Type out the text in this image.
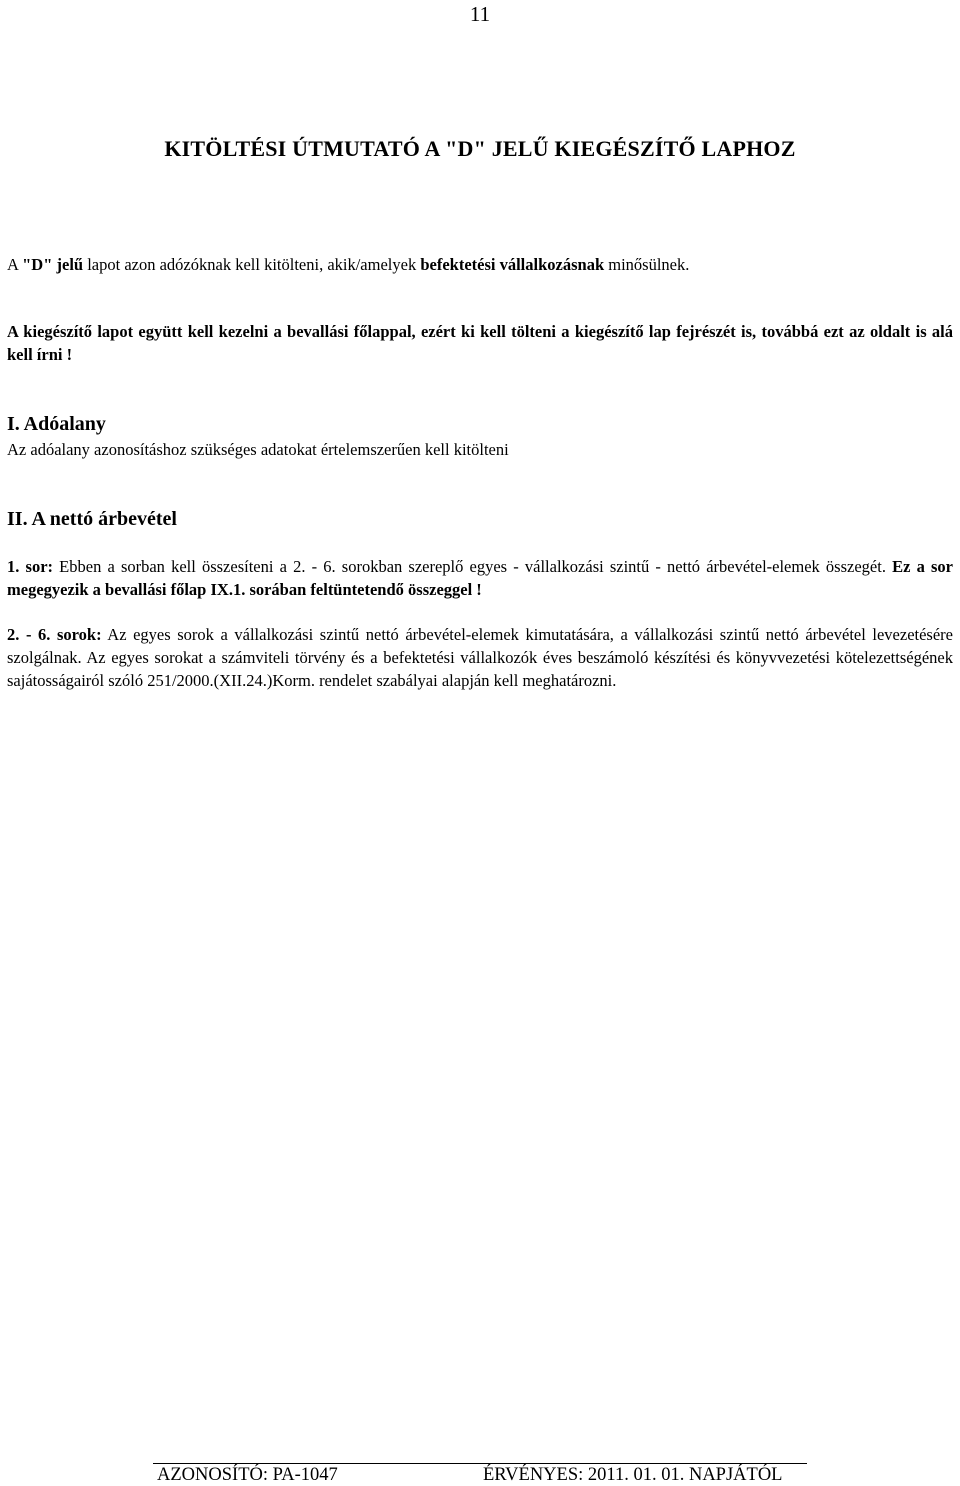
11
KITÖLTÉSI ÚTMUTATÓ A "D" JELŰ KIEGÉSZÍTŐ LAPHOZ
A "D" jelű lapot azon adózóknak kell kitölteni, akik/amelyek befektetési vállalkozásnak minősülnek.
A kiegészítő lapot együtt kell kezelni a bevallási főlappal, ezért ki kell tölteni a kiegészítő lap fejrészét is, továbbá ezt az oldalt is alá kell írni !
I. Adóalany
Az adóalany azonosításhoz szükséges adatokat értelemszerűen kell kitölteni
II. A nettó árbevétel
1. sor: Ebben a sorban kell összesíteni a 2. - 6. sorokban szereplő egyes - vállalkozási szintű - nettó árbevétel-elemek összegét. Ez a sor megegyezik a bevallási főlap IX.1. sorában feltüntetendő összeggel !
2. - 6. sorok: Az egyes sorok a vállalkozási szintű nettó árbevétel-elemek kimutatására, a vállalkozási szintű nettó árbevétel levezetésére szolgálnak. Az egyes sorokat a számviteli törvény és a befektetési vállalkozók éves beszámoló készítési és könyvvezetési kötelezettségének sajátosságairól szóló 251/2000.(XII.24.)Korm. rendelet szabályai alapján kell meghatározni.
AZONOSÍTÓ: PA-1047	ÉRVÉNYES: 2011. 01. 01. NAPJÁTÓL
